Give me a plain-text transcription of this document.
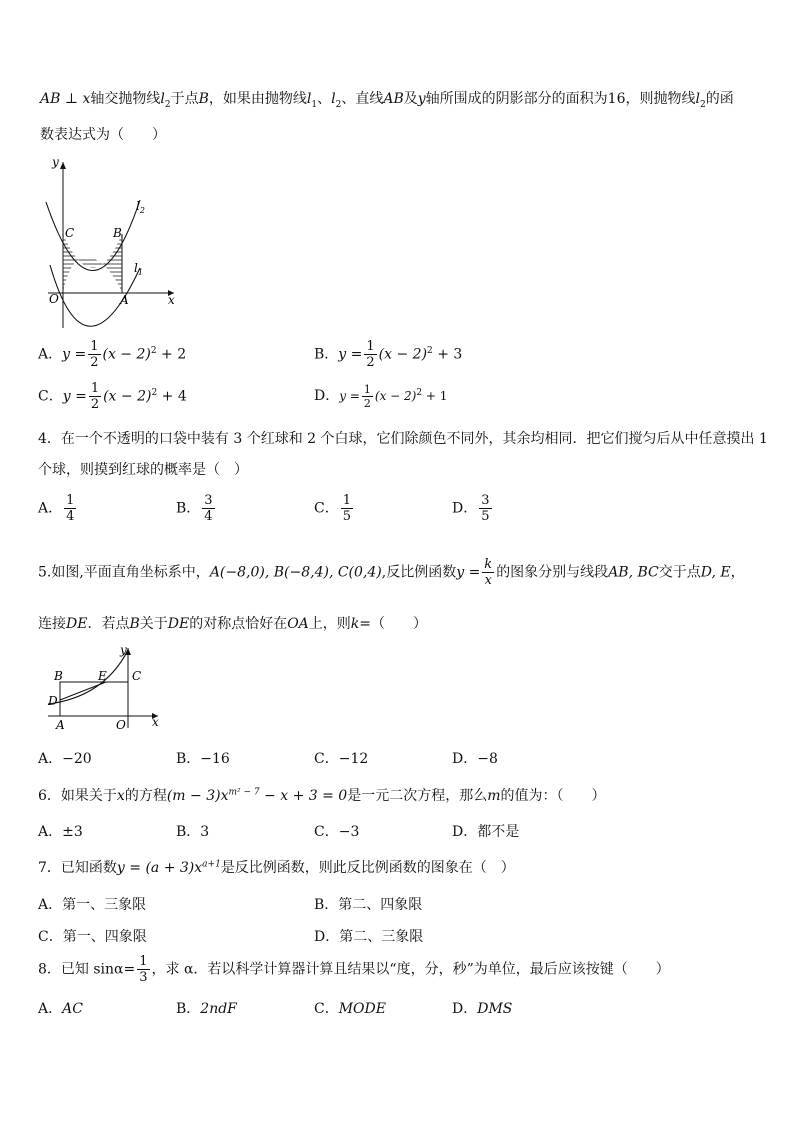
AB ⊥ x轴交抛物线$l_2$于点B，如果由抛物线$l_1$、$l_2$、直线AB及y轴所围成的阴影部分的面积为16，则抛物线$l_2$的函
数表达式为（　　）
y
x
C	B
O	A
$l_2$
$l_1$
A．$y = \frac{1}{2} (x - 2)^2 + 2$	B．$y = \frac{1}{2} (x - 2)^2 + 3$
C．$y = \frac{1}{2} (x - 2)^2 + 4$	D．$y = \frac{1}{2} (x - 2)^2 + 1$
4．在一个不透明的口袋中装有 3 个红球和 2 个白球，它们除颜色不同外，其余均相同．把它们搅匀后从中任意摸出 1
个球，则摸到红球的概率是（　）
A． $\frac{1}{4}$	B． $\frac{3}{4}$	C． $\frac{1}{5}$	D． $\frac{3}{5}$
5.如图,平面直角坐标系中，A(−8,0), B(−8,4), C(0,4),反比例函数$y = \frac{k}{x}$ 的图象分别与线段AB, BC交于点D, E，
连接DE．若点B关于DE的对称点恰好在OA上，则k=（　　）
y
x
B	E C
D
A	O
A．−20	B．−16	C．−12	D．−8
6．如果关于x的方程$(m - 3)x^{m^2 - 7} - x + 3 = 0$是一元二次方程，那么m的值为：（　　）
A．±3	B．3	C．−3	D．都不是
7．已知函数$y = (a + 3)x^{a+1}$是反比例函数，则此反比例函数的图象在（　）
A．第一、三象限	B．第二、四象限
C．第一、四象限	D．第二、三象限
8．已知 $\sin\alpha= \frac{1}{3}$ ，求 α．若以科学计算器计算且结果以“度，分，秒”为单位，最后应该按键（　　）
A．AC	B．2ndF	C．MODE	D．DMS
